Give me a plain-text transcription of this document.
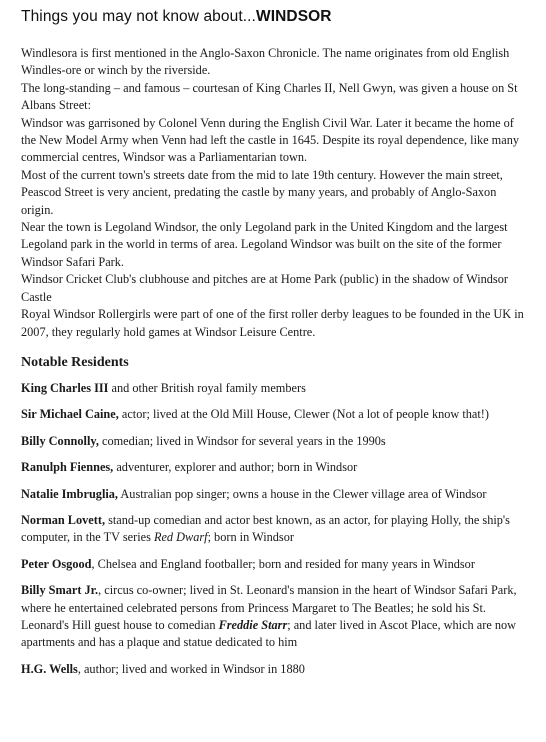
Things you may not know about...WINDSOR

Windlesora is first mentioned in the Anglo-Saxon Chronicle. The name originates from old English Windles-ore or winch by the riverside.

The long-standing – and famous – courtesan of King Charles II, Nell Gwyn, was given a house on St Albans Street:

Windsor was garrisoned by Colonel Venn during the English Civil War. Later it became the home of the New Model Army when Venn had left the castle in 1645. Despite its royal dependence, like many commercial centres, Windsor was a Parliamentarian town.

Most of the current town's streets date from the mid to late 19th century. However the main street, Peascod Street is very ancient, predating the castle by many years, and probably of Anglo-Saxon origin.

Near the town is Legoland Windsor, the only Legoland park in the United Kingdom and the largest Legoland park in the world in terms of area. Legoland Windsor was built on the site of the former Windsor Safari Park.

Windsor Cricket Club's clubhouse and pitches are at Home Park (public) in the shadow of Windsor Castle

Royal Windsor Rollergirls were part of one of the first roller derby leagues to be founded in the UK in 2007, they regularly hold games at Windsor Leisure Centre.

Notable Residents

King Charles III and other British royal family members

Sir Michael Caine, actor; lived at the Old Mill House, Clewer (Not a lot of people know that!)

Billy Connolly, comedian; lived in Windsor for several years in the 1990s

Ranulph Fiennes, adventurer, explorer and author; born in Windsor

Natalie Imbruglia, Australian pop singer; owns a house in the Clewer village area of Windsor

Norman Lovett, stand-up comedian and actor best known, as an actor, for playing Holly, the ship's computer, in the TV series Red Dwarf; born in Windsor

Peter Osgood, Chelsea and England footballer; born and resided for many years in Windsor

Billy Smart Jr., circus co-owner; lived in St. Leonard's mansion in the heart of Windsor Safari Park, where he entertained celebrated persons from Princess Margaret to The Beatles; he sold his St. Leonard's Hill guest house to comedian Freddie Starr; and later lived in Ascot Place, which are now apartments and has a plaque and statue dedicated to him

H.G. Wells, author; lived and worked in Windsor in 1880
